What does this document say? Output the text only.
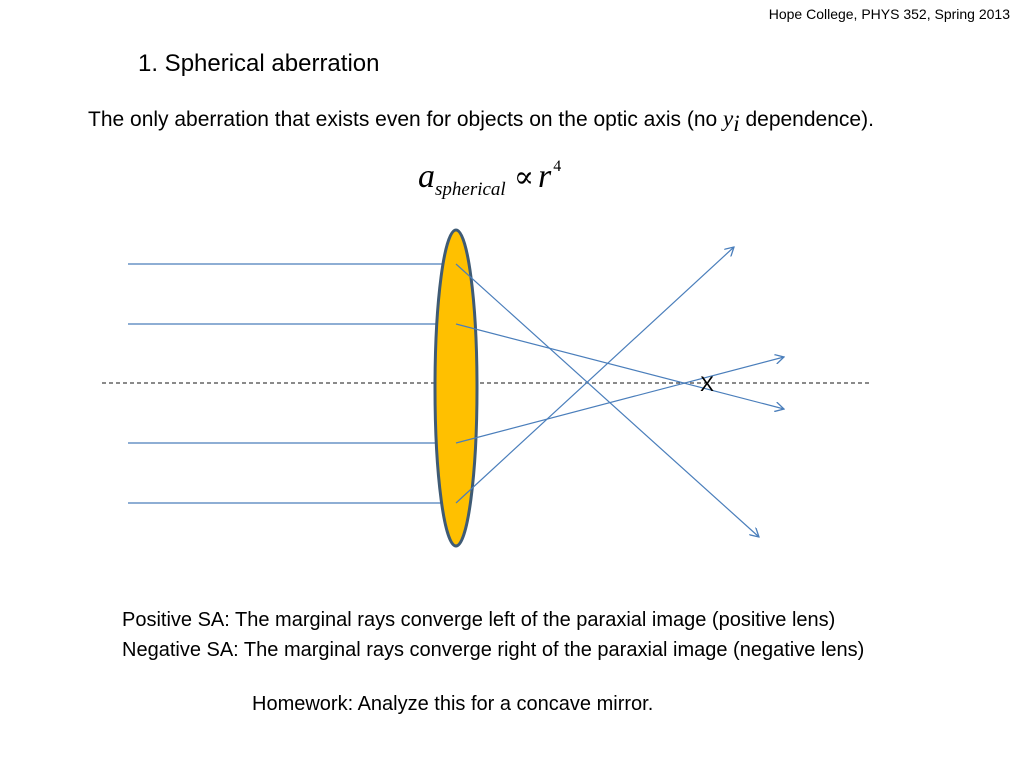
Hope College, PHYS 352, Spring 2013
1. Spherical aberration
The only aberration that exists even for objects on the optic axis (no $y_i$ dependence).
aspherical ∝ r 4
X
Positive SA: The marginal rays converge left of the paraxial image (positive lens)
Negative SA: The marginal rays converge right of the paraxial image (negative lens)
Homework: Analyze this for a concave mirror.
